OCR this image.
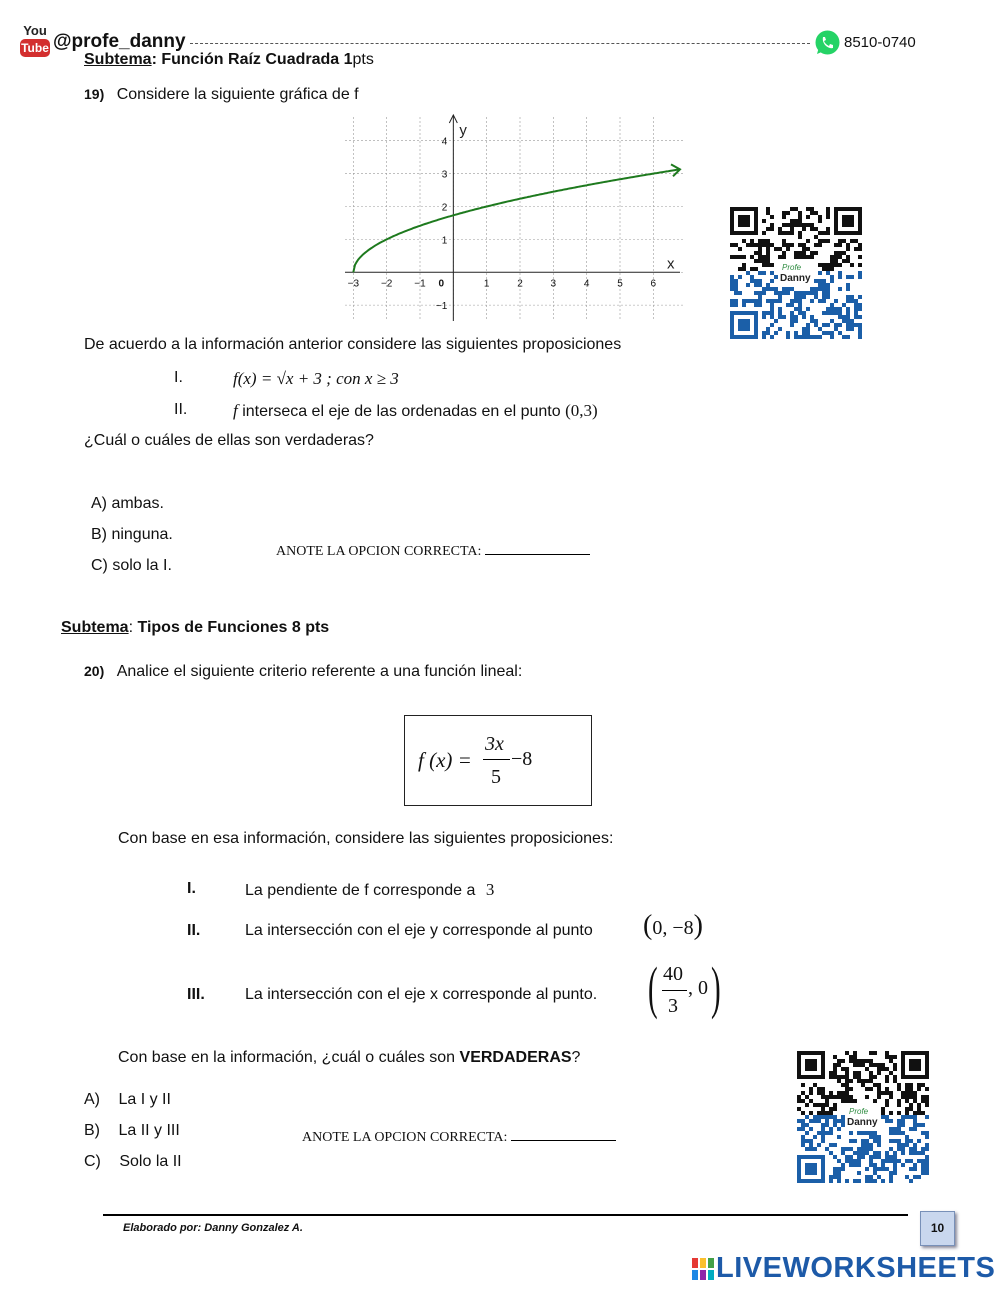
You
Tube @profe_danny	8510-0740
Subtema: Función Raíz Cuadrada 1pts
19) Considere la siguiente gráfica de f
y
x
−3 −2 −1 0	1	2	3	4	5	6
4
3
2
1
−1
Profe
Danny
De acuerdo a la información anterior considere las siguientes proposiciones
I.	f(x) = √x + 3 ; con x ≥ 3
II.	f interseca el eje de las ordenadas en el punto (0,3)
¿Cuál o cuáles de ellas son verdaderas?
A) ambas.
B) ninguna.
C) solo la I.
ANOTE LA OPCION CORRECTA:
Subtema: Tipos de Funciones 8 pts
20) Analice el siguiente criterio referente a una función lineal:
f (x) =
3x
5
−8
Con base en esa información, considere las siguientes proposiciones:
I.	La pendiente de f corresponde a 3
II.	La intersección con el eje y corresponde al punto (0, −8)
III.	La intersección con el eje x corresponde al punto. ( 40
3
, 0 )
Con base en la información, ¿cuál o cuáles son VERDADERAS?
A) La I y II
B) La II y III
C) Solo la II
ANOTE LA OPCION CORRECTA:
Profe
Danny
Elaborado por: Danny Gonzalez A.	10
LIVEWORKSHEETS
